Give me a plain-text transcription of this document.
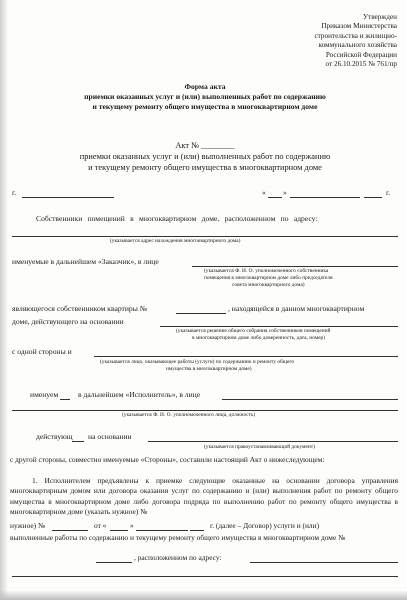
Утвержден
Приказом Министерства
строительства и жилищно-
коммунального хозяйства
Российской Федерации
от 26.10.2015 № 761/пр
Форма акта
приемки оказанных услуг и (или) выполненных работ по содержанию
и текущему ремонту общего имущества в многоквартирном доме
Акт № ________
приемки оказанных услуг и (или) выполненных работ по содержанию
и текущему ремонту общего имущества в многоквартирном доме
г.	« »	г.
Собственники помещений в многоквартирном доме, расположенном по адресу:
(указывается адрес нахождения многоквартирного дома)
именуемые в дальнейшем «Заказчик», в лице
(указывается Ф. И. О. уполномоченного собственника
помещения в многоквартирном доме либо председателя
совета многоквартирного дома)
являющегося собственником квартиры №	, находящейся в данном многоквартирном
доме, действующего на основании
(указывается решение общего собрания собственников помещений
в многоквартирном доме либо доверенность, дата, номер)
с одной стороны и
(указывается лицо, оказывающее работы (услуги) по содержанию и ремонту общего
имущества в многоквартирном доме)
именуем	в дальнейшем «Исполнитель», в лице
(указывается Ф. И. О. уполномоченного лица, должность)
действующ на основании
(указывается правоустанавливающий документ)
с другой стороны, совместно именуемые «Стороны», составили настоящий Акт о нижеследующем:
1. Исполнителем предъявлены к приемке следующие оказанные на основании договора управления многоквартирным домом или договора оказания услуг по содержанию и (или) выполнения работ по ремонту общего имущества в многоквартирном доме либо договора подряда по выполнению работ по ремонту общего имущества в многоквартирном доме (указать нужное) №
нужное) №	от «	»	г. (далее – Договор) услуги и (или)
выполненные работы по содержанию и текущему ремонту общего имущества в многоквартирном доме №
, расположенном по адресу:
